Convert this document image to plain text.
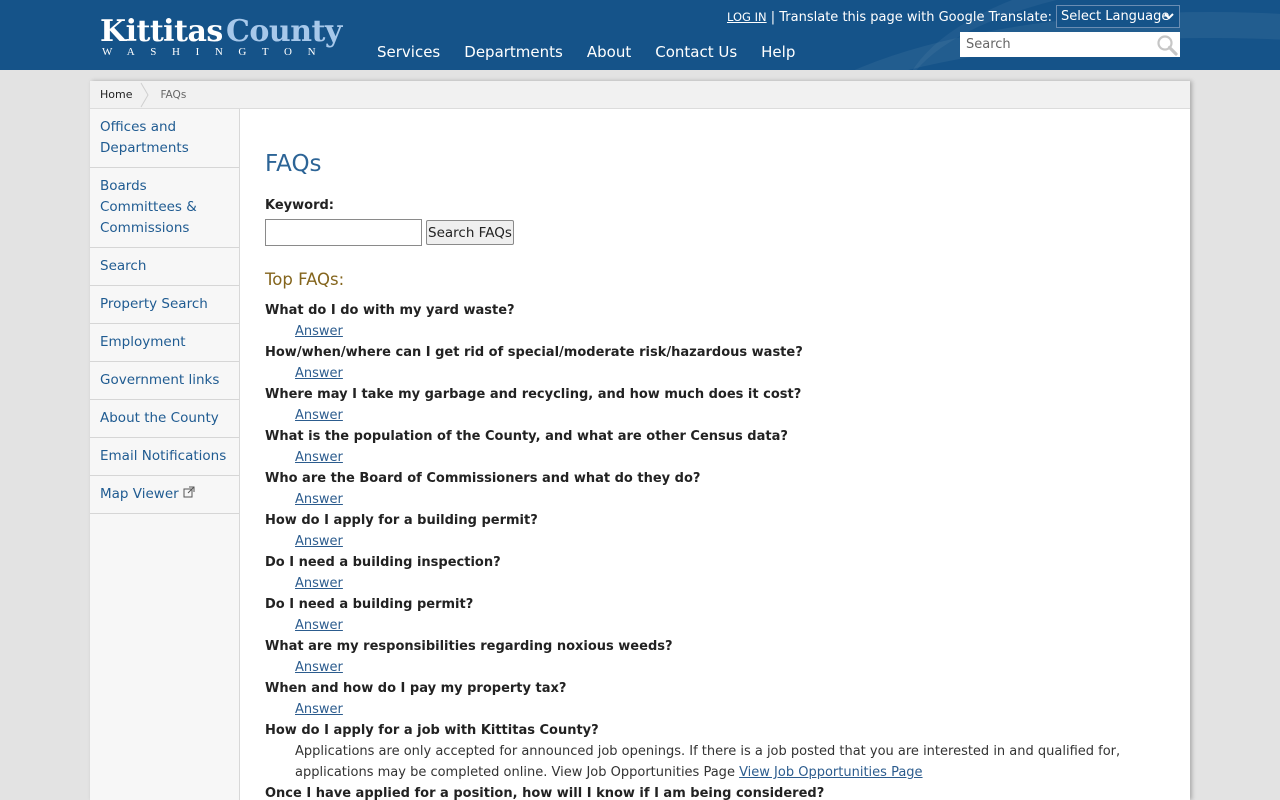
Kittitas County
WASHINGTON	Services Departments About Contact Us Help
LOG IN | Translate this page with Google Translate: Select Language
Search
Home	FAQs
Offices and Departments
Boards Committees & Commissions
Search
Property Search
Employment
Government links
About the County
Email Notifications
Map Viewer
FAQs
Keyword:
Search FAQs
Top FAQs:
What do I do with my yard waste?
Answer
How/when/where can I get rid of special/moderate risk/hazardous waste?
Answer
Where may I take my garbage and recycling, and how much does it cost?
Answer
What is the population of the County, and what are other Census data?
Answer
Who are the Board of Commissioners and what do they do?
Answer
How do I apply for a building permit?
Answer
Do I need a building inspection?
Answer
Do I need a building permit?
Answer
What are my responsibilities regarding noxious weeds?
Answer
When and how do I pay my property tax?
Answer
How do I apply for a job with Kittitas County?
Applications are only accepted for announced job openings. If there is a job posted that you are interested in and qualified for, applications may be completed online. View Job Opportunities Page View Job Opportunities Page
Once I have applied for a position, how will I know if I am being considered?
